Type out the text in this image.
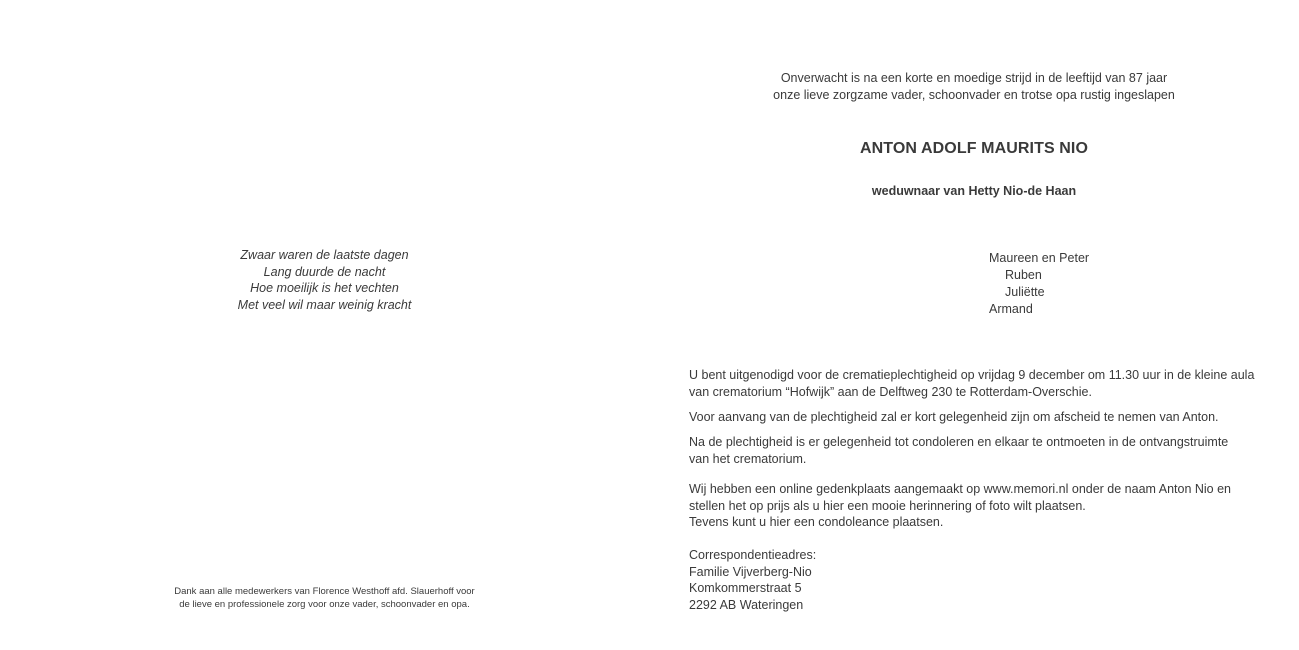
Zwaar waren de laatste dagen
Lang duurde de nacht
Hoe moeilijk is het vechten
Met veel wil maar weinig kracht
Dank aan alle medewerkers van Florence Westhoff afd. Slauerhoff voor
de lieve en professionele zorg voor onze vader, schoonvader en opa.
Onverwacht is na een korte en moedige strijd in de leeftijd van 87 jaar
onze lieve zorgzame vader, schoonvader en trotse opa rustig ingeslapen
ANTON ADOLF MAURITS NIO
weduwnaar van Hetty Nio-de Haan
Maureen en Peter
Ruben
Juliëtte
Armand
U bent uitgenodigd voor de crematieplechtigheid op vrijdag 9 december om 11.30 uur in de kleine aula
van crematorium “Hofwijk” aan de Delftweg 230 te Rotterdam-Overschie.
Voor aanvang van de plechtigheid zal er kort gelegenheid zijn om afscheid te nemen van Anton.
Na de plechtigheid is er gelegenheid tot condoleren en elkaar te ontmoeten in de ontvangstruimte
van het crematorium.
Wij hebben een online gedenkplaats aangemaakt op www.memori.nl onder de naam Anton Nio en
stellen het op prijs als u hier een mooie herinnering of foto wilt plaatsen.
Tevens kunt u hier een condoleance plaatsen.
Correspondentieadres:
Familie Vijverberg-Nio
Komkommerstraat 5
2292 AB Wateringen
